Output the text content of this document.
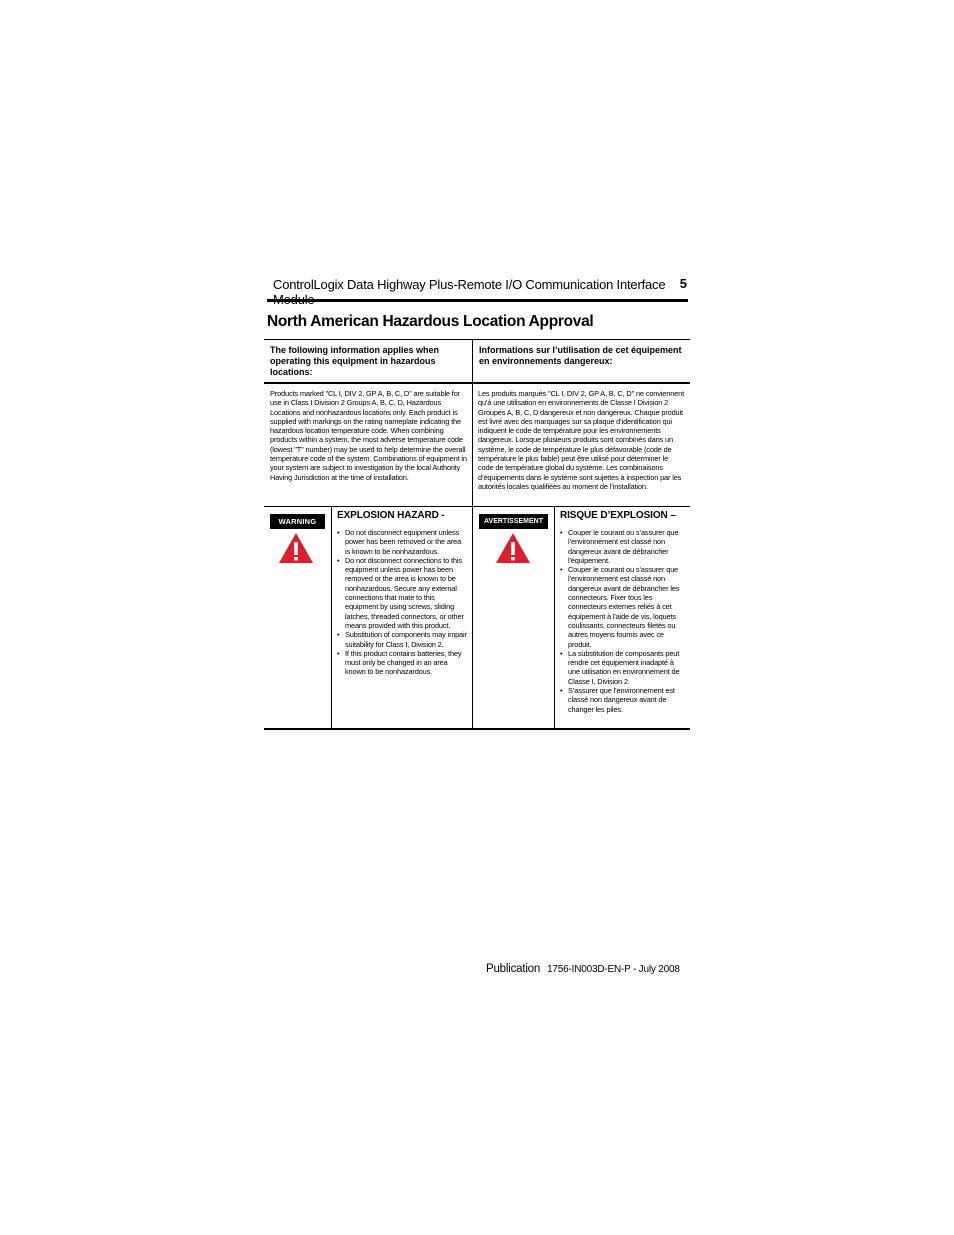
ControlLogix Data Highway Plus-Remote I/O Communication Interface Module
5
North American Hazardous Location Approval

The following information applies when operating this equipment in hazardous locations:

Informations sur l’utilisation de cet équipement en environnements dangereux:

Products marked "CL I, DIV 2, GP A, B, C, D" are suitable for use in Class I Division 2 Groups A, B, C, D, Hazardous Locations and nonhazardous locations only. Each product is supplied with markings on the rating nameplate indicating the hazardous location temperature code. When combining products within a system, the most adverse temperature code (lowest "T" number) may be used to help determine the overall temperature code of the system. Combinations of equipment in your system are subject to investigation by the local Authority Having Jurisdiction at the time of installation.

Les produits marqués "CL I, DIV 2, GP A, B, C, D" ne conviennent qu’à une utilisation en environnements de Classe I Division 2 Groupes A, B, C, D dangereux et non dangereux. Chaque produit est livré avec des marquages sur sa plaque d’identification qui indiquent le code de température pour les environnements dangereux. Lorsque plusieurs produits sont combinés dans un système, le code de température le plus défavorable (code de température le plus faible) peut être utilisé pour déterminer le code de température global du système. Les combinaisons d’équipements dans le système sont sujettes à inspection par les autorités locales qualifiées au moment de l’installation.

WARNING
EXPLOSION HAZARD -
• Do not disconnect equipment unless power has been removed or the area is known to be nonhazardous.
• Do not disconnect connections to this equipment unless power has been removed or the area is known to be nonhazardous. Secure any external connections that mate to this equipment by using screws, sliding latches, threaded connectors, or other means provided with this product.
• Substitution of components may impair suitability for Class I, Division 2.
• If this product contains batteries, they must only be changed in an area known to be nonhazardous.
AVERTISSEMENT
RISQUE D’EXPLOSION –
• Couper le courant ou s’assurer que l’environnement est classé non dangereux avant de débrancher l'équipement.
• Couper le courant ou s'assurer que l’environnement est classé non dangereux avant de débrancher les connecteurs. Fixer tous les connecteurs externes reliés à cet équipement à l'aide de vis, loquets coulissants, connecteurs filetés ou autres moyens fournis avec ce produit.
• La substitution de composants peut rendre cet équipement inadapté à une utilisation en environnement de Classe I, Division 2.
• S’assurer que l’environnement est classé non dangereux avant de changer les piles.
Publication 1756-IN003D-EN-P - July 2008
